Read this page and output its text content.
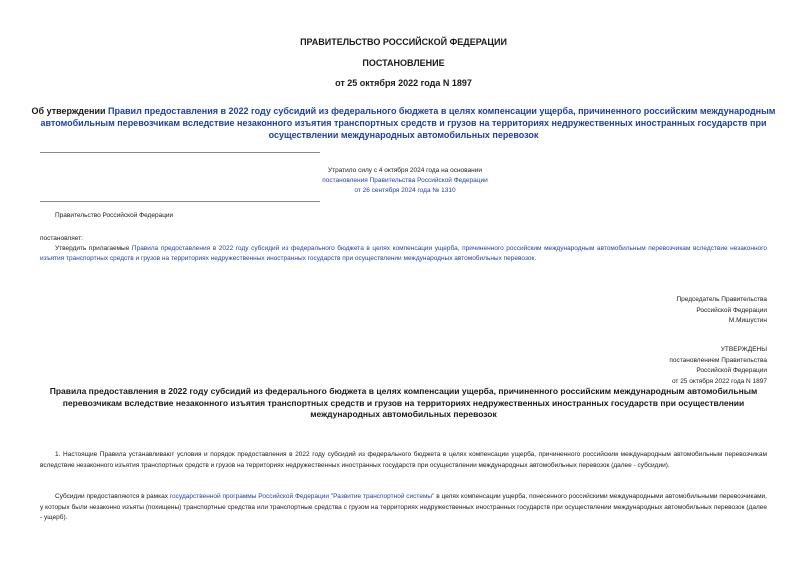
ПРАВИТЕЛЬСТВО РОССИЙСКОЙ ФЕДЕРАЦИИ
ПОСТАНОВЛЕНИЕ
от 25 октября 2022 года N 1897
Об утверждении Правил предоставления в 2022 году субсидий из федерального бюджета в целях компенсации ущерба, причиненного российским международным автомобильным перевозчикам вследствие незаконного изъятия транспортных средств и грузов на территориях недружественных иностранных государств при осуществлении международных автомобильных перевозок
Утратило силу с 4 октября 2024 года на основании
постановления Правительства Российской Федерации
от 26 сентября 2024 года № 1310
Правительство Российской Федерации
постановляет:
Утвердить прилагаемые Правила предоставления в 2022 году субсидий из федерального бюджета в целях компенсации ущерба, причиненного российским международным автомобильным перевозчикам вследствие незаконного изъятия транспортных средств и грузов на территориях недружественных иностранных государств при осуществлении международных автомобильных перевозок.
Председатель Правительства
Российской Федерации
М.Мишустин
УТВЕРЖДЕНЫ
постановлением Правительства
Российской Федерации
от 25 октября 2022 года N 1897
Правила предоставления в 2022 году субсидий из федерального бюджета в целях компенсации ущерба, причиненного российским международным автомобильным перевозчикам вследствие незаконного изъятия транспортных средств и грузов на территориях недружественных иностранных государств при осуществлении международных автомобильных перевозок
1. Настоящие Правила устанавливают условия и порядок предоставления в 2022 году субсидий из федерального бюджета в целях компенсации ущерба, причиненного российским международным автомобильным перевозчикам вследствие незаконного изъятия транспортных средств и грузов на территориях недружественных иностранных государств при осуществлении международных автомобильных перевозок (далее - субсидии).
Субсидии предоставляются в рамках государственной программы Российской Федерации "Развитие транспортной системы" в целях компенсации ущерба, понесенного российскими международными автомобильными перевозчиками, у которых были незаконно изъяты (похищены) транспортные средства или транспортные средства с грузом на территориях недружественных иностранных государств при осуществлении международных автомобильных перевозок (далее - ущерб).
